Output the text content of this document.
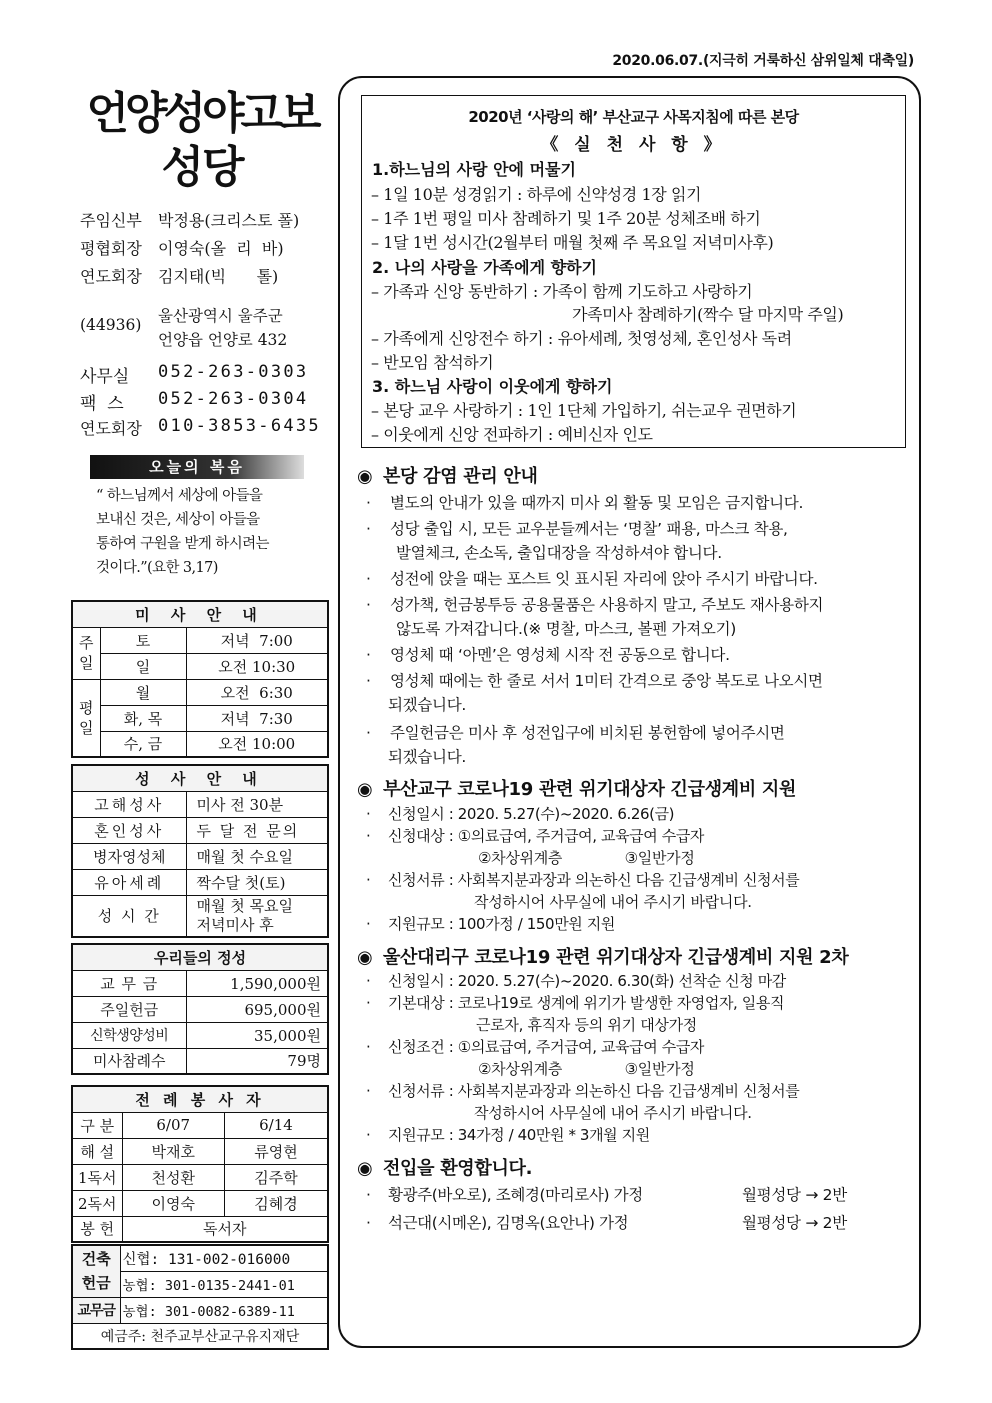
2020.06.07.(지극히 거룩하신 삼위일체 대축일)
언양성야고보
성당
주임신부	박정용(크리스토 폴)
평협회장	이영숙(올  리  바)
연도회장	김지태(빅      톨)
(44936)	울산광역시 울주군
언양읍 언양로 432
사무실	052-263-0303
팩  스	052-263-0304
연도회장 010-3853-6435
오늘의 복음
“ 하느님께서 세상에 아들을
보내신 것은, 세상이 아들을
통하여 구원을 받게 하시려는
것이다.”(요한 3,17)
미 사 안 내		
주일	토	저녁  7:00
	일	오전 10:30
평일	월	오전  6:30
	화, 목	저녁  7:30
	수, 금	오전 10:00
성 사 안 내	
고해성사	미사 전 30분
혼인성사	두 달 전 문의
병자영성체	매월 첫 수요일
유아세례	짝수달 첫(토)
성 시 간	매월 첫 목요일
저녁미사 후
우리들의 정성	
교 무 금	1,590,000원
주일헌금	695,000원
신학생양성비	35,000원
미사참례수	79명
전 례 봉 사 자		
구 분	6/07	6/14
해 설	박재호	류영현
1독서	천성환	김주학
2독서	이영숙	김혜경
봉 헌	독서자	
건축헌금	신협: 131-002-016000
	농협: 301-0135-2441-01
교무금	농협: 301-0082-6389-11
예금주: 천주교부산교구유지재단	
2020년 ‘사랑의 해’ 부산교구 사목지침에 따른 본당
《 실 천 사 항 》
1.하느님의 사랑 안에 머물기
– 1일 10분 성경읽기 : 하루에 신약성경 1장 읽기
– 1주 1번 평일 미사 참례하기 및 1주 20분 성체조배 하기
– 1달 1번 성시간(2월부터 매월 첫째 주 목요일 저녁미사후)
2. 나의 사랑을 가족에게 향하기
– 가족과 신앙 동반하기 : 가족이 함께 기도하고 사랑하기
가족미사 참례하기(짝수 달 마지막 주일)
– 가족에게 신앙전수 하기 : 유아세례, 첫영성체, 혼인성사 독려
– 반모임 참석하기
3. 하느님 사랑이 이웃에게 향하기
– 본당 교우 사랑하기 : 1인 1단체 가입하기, 쉬는교우 권면하기
– 이웃에게 신앙 전파하기 : 예비신자 인도
◉ 본당 감염 관리 안내
· 별도의 안내가 있을 때까지 미사 외 활동 및 모임은 금지합니다.
· 성당 출입 시, 모든 교우분들께서는 ‘명찰’ 패용, 마스크 착용,
발열체크, 손소독, 출입대장을 작성하셔야 합니다.
· 성전에 앉을 때는 포스트 잇 표시된 자리에 앉아 주시기 바랍니다.
· 성가책, 헌금봉투등 공용물품은 사용하지 말고, 주보도 재사용하지
않도록 가져갑니다.(※ 명찰, 마스크, 볼펜 가져오기)
· 영성체 때 ‘아멘’은 영성체 시작 전 공동으로 합니다.
· 영성체 때에는 한 줄로 서서 1미터 간격으로 중앙 복도로 나오시면
되겠습니다.
· 주일헌금은 미사 후 성전입구에 비치된 봉헌함에 넣어주시면
되겠습니다.
◉ 부산교구 코로나19 관련 위기대상자 긴급생계비 지원
· 신청일시 : 2020. 5.27(수)~2020. 6.26(금)
· 신청대상 : ①의료급여, 주거급여, 교육급여 수급자
②차상위계층              ③일반가정
· 신청서류 : 사회복지분과장과 의논하신 다음 긴급생계비 신청서를
작성하시어 사무실에 내어 주시기 바랍니다.
· 지원규모 : 100가정 / 150만원 지원
◉ 울산대리구 코로나19 관련 위기대상자 긴급생계비 지원 2차
· 신청일시 : 2020. 5.27(수)~2020. 6.30(화) 선착순 신청 마감
· 기본대상 : 코로나19로 생계에 위기가 발생한 자영업자, 일용직
근로자, 휴직자 등의 위기 대상가정
· 신청조건 : ①의료급여, 주거급여, 교육급여 수급자
②차상위계층              ③일반가정
· 신청서류 : 사회복지분과장과 의논하신 다음 긴급생계비 신청서를
작성하시어 사무실에 내어 주시기 바랍니다.
· 지원규모 : 34가정 / 40만원 * 3개월 지원
◉ 전입을 환영합니다.
· 황광주(바오로), 조혜경(마리로사) 가정	월평성당 → 2반
· 석근대(시메온), 김명옥(요안나) 가정	월평성당 → 2반
